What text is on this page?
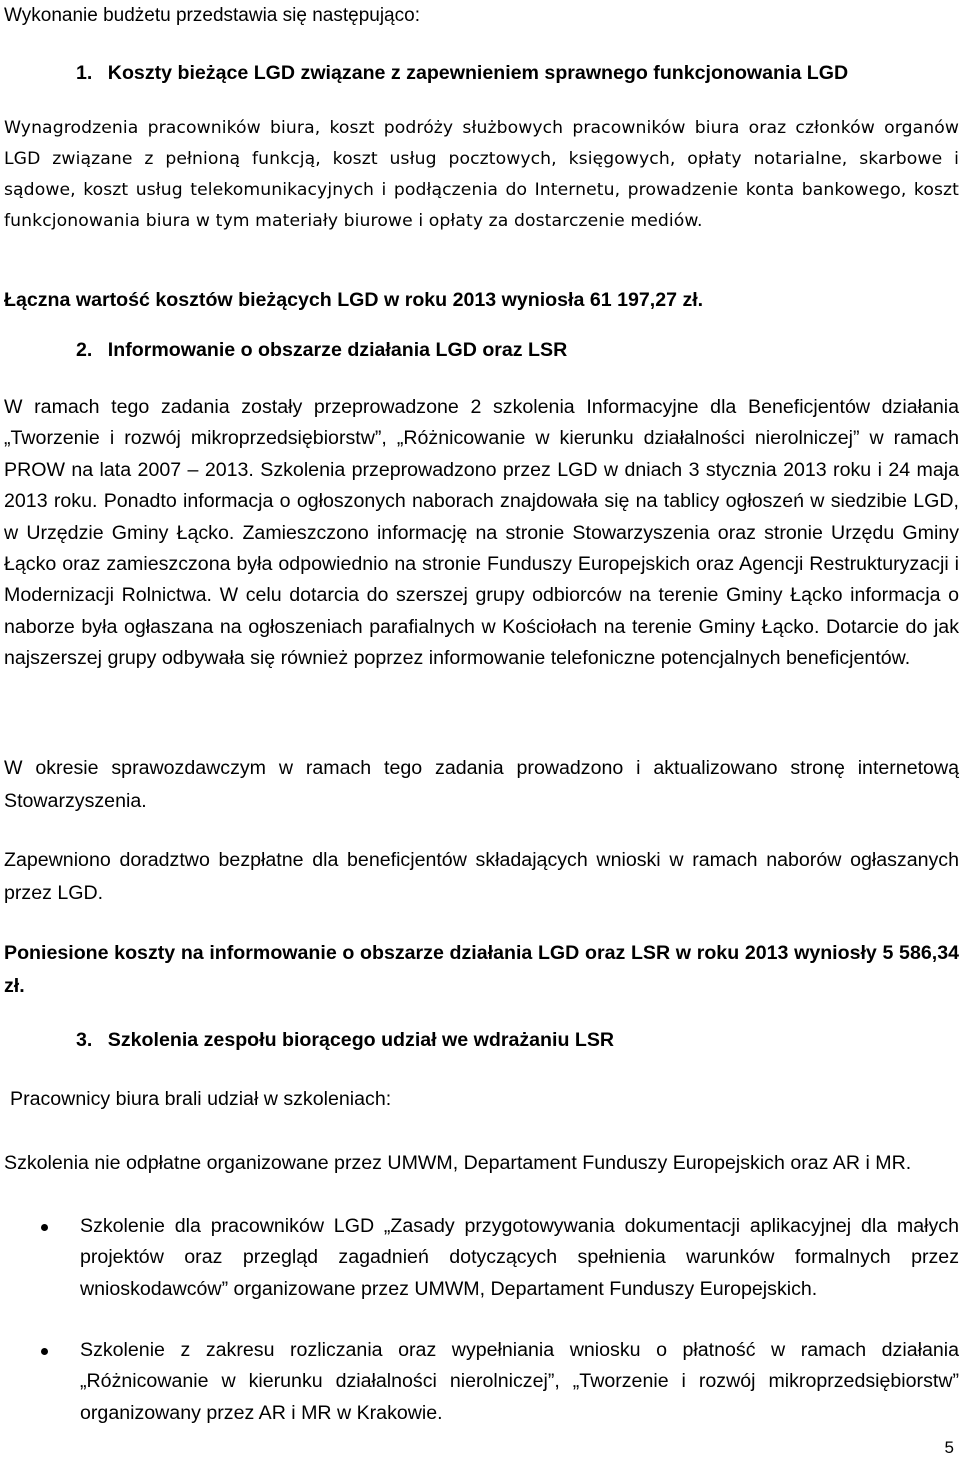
Wykonanie budżetu przedstawia się następująco:

1. Koszty bieżące LGD związane z zapewnieniem sprawnego funkcjonowania LGD

Wynagrodzenia pracowników biura, koszt podróży służbowych pracowników biura oraz członków organów LGD związane z pełnioną funkcją, koszt usług pocztowych, księgowych, opłaty notarialne, skarbowe i sądowe, koszt usług telekomunikacyjnych i podłączenia do Internetu, prowadzenie konta bankowego, koszt funkcjonowania biura w tym materiały biurowe i opłaty za dostarczenie mediów.

Łączna wartość kosztów bieżących LGD w roku 2013 wyniosła 61 197,27 zł.

2. Informowanie o obszarze działania LGD oraz LSR

W ramach tego zadania zostały przeprowadzone 2 szkolenia Informacyjne dla Beneficjentów działania „Tworzenie i rozwój mikroprzedsiębiorstw”, „Różnicowanie w kierunku działalności nierolniczej” w ramach PROW na lata 2007 – 2013. Szkolenia przeprowadzono przez LGD w dniach 3 stycznia 2013 roku i 24 maja 2013 roku. Ponadto informacja o ogłoszonych naborach znajdowała się na tablicy ogłoszeń w siedzibie LGD, w Urzędzie Gminy Łącko. Zamieszczono informację na stronie Stowarzyszenia oraz stronie Urzędu Gminy Łącko oraz zamieszczona była odpowiednio na stronie Funduszy Europejskich oraz Agencji Restrukturyzacji i Modernizacji Rolnictwa. W celu dotarcia do szerszej grupy odbiorców na terenie Gminy Łącko informacja o naborze była ogłaszana na ogłoszeniach parafialnych w Kościołach na terenie Gminy Łącko. Dotarcie do jak najszerszej grupy odbywała się również poprzez informowanie telefoniczne potencjalnych beneficjentów.

W okresie sprawozdawczym w ramach tego zadania prowadzono i aktualizowano stronę internetową Stowarzyszenia.

Zapewniono doradztwo bezpłatne dla beneficjentów składających wnioski w ramach naborów ogłaszanych przez LGD.

Poniesione koszty na informowanie o obszarze działania LGD oraz LSR w roku 2013 wyniosły 5 586,34 zł.

3. Szkolenia zespołu biorącego udział we wdrażaniu LSR

Pracownicy biura brali udział w szkoleniach:

Szkolenia nie odpłatne organizowane przez UMWM, Departament Funduszy Europejskich oraz AR i MR.

Szkolenie dla pracowników LGD „Zasady przygotowywania dokumentacji aplikacyjnej dla małych projektów oraz przegląd zagadnień dotyczących spełnienia warunków formalnych przez wnioskodawców” organizowane przez UMWM, Departament Funduszy Europejskich.
Szkolenie z zakresu rozliczania oraz wypełniania wniosku o płatność w ramach działania „Różnicowanie w kierunku działalności nierolniczej”, „Tworzenie i rozwój mikroprzedsiębiorstw” organizowany przez AR i MR w Krakowie.
5
